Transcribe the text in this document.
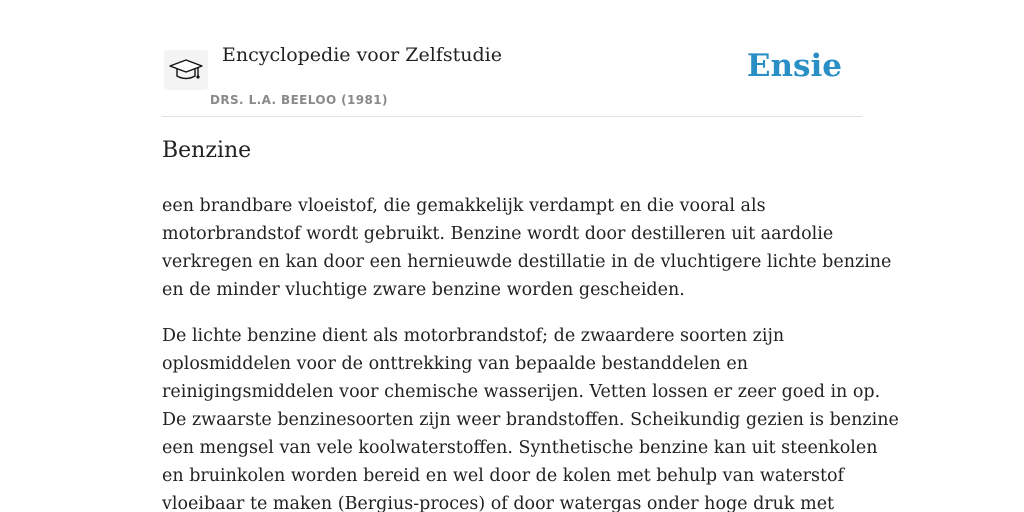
Encyclopedie voor Zelfstudie
DRS. L.A. BEELOO (1981)
Ensie
Benzine

een brandbare vloeistof, die gemakkelijk verdampt en die vooral als
motorbrandstof wordt gebruikt. Benzine wordt door destilleren uit aardolie
verkregen en kan door een hernieuwde destillatie in de vluchtigere lichte benzine
en de minder vluchtige zware benzine worden gescheiden.

De lichte benzine dient als motorbrandstof; de zwaardere soorten zijn
oplosmiddelen voor de onttrekking van bepaalde bestanddelen en
reinigingsmiddelen voor chemische wasserijen. Vetten lossen er zeer goed in op.
De zwaarste benzinesoorten zijn weer brandstoffen. Scheikundig gezien is benzine
een mengsel van vele koolwaterstoffen. Synthetische benzine kan uit steenkolen
en bruinkolen worden bereid en wel door de kolen met behulp van waterstof
vloeibaar te maken (Bergius-proces) of door watergas onder hoge druk met
